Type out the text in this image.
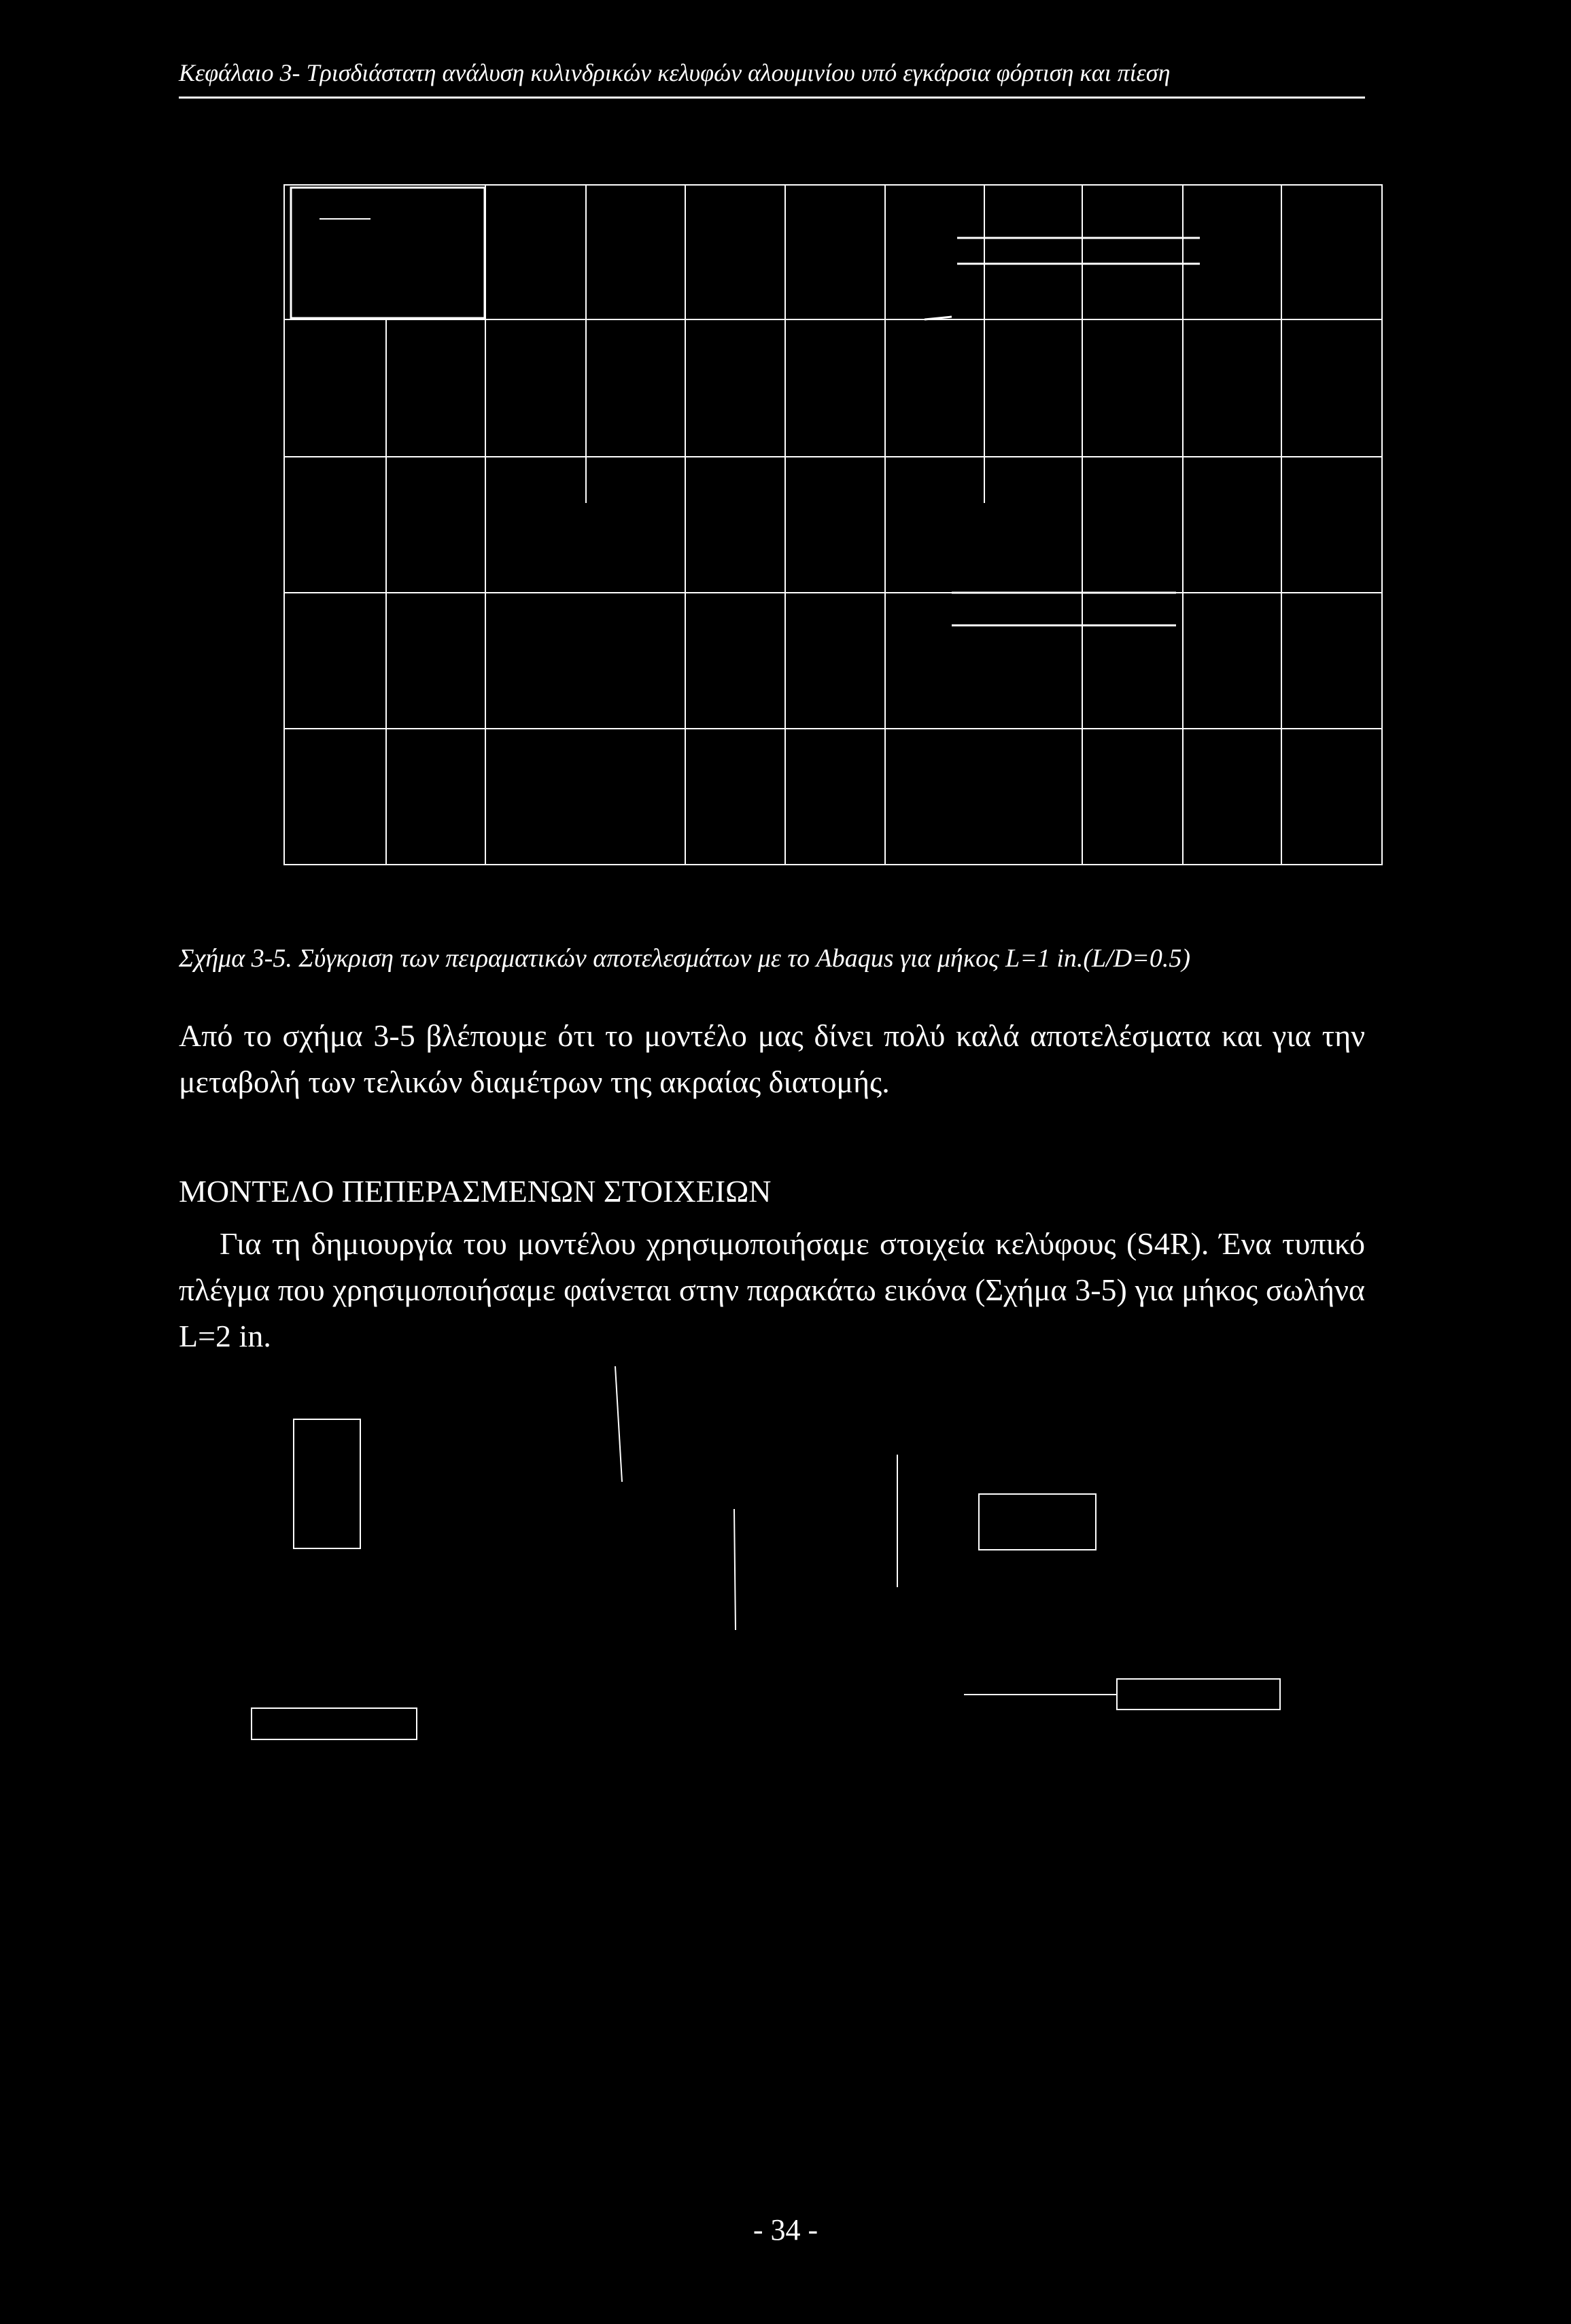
Κεφάλαιο 3- Τρισδιάστατη ανάλυση κυλινδρικών κελυφών αλουμινίου υπό εγκάρσια φόρτιση και πίεση
Σχήμα 3-5. Σύγκριση των πειραματικών αποτελεσμάτων με το Abaqus για μήκος L=1 in.(L/D=0.5)
Από το σχήμα 3-5 βλέπουμε ότι το μοντέλο μας δίνει πολύ καλά αποτελέσματα και για την μεταβολή των τελικών διαμέτρων της ακραίας διατομής.
ΜΟΝΤΕΛΟ ΠΕΠΕΡΑΣΜΕΝΩΝ ΣΤΟΙΧΕΙΩΝ
Για τη δημιουργία του μοντέλου χρησιμοποιήσαμε στοιχεία κελύφους (S4R). Ένα τυπικό πλέγμα που χρησιμοποιήσαμε φαίνεται στην παρακάτω εικόνα (Σχήμα 3-5) για μήκος σωλήνα L=2 in.
- 34 -
